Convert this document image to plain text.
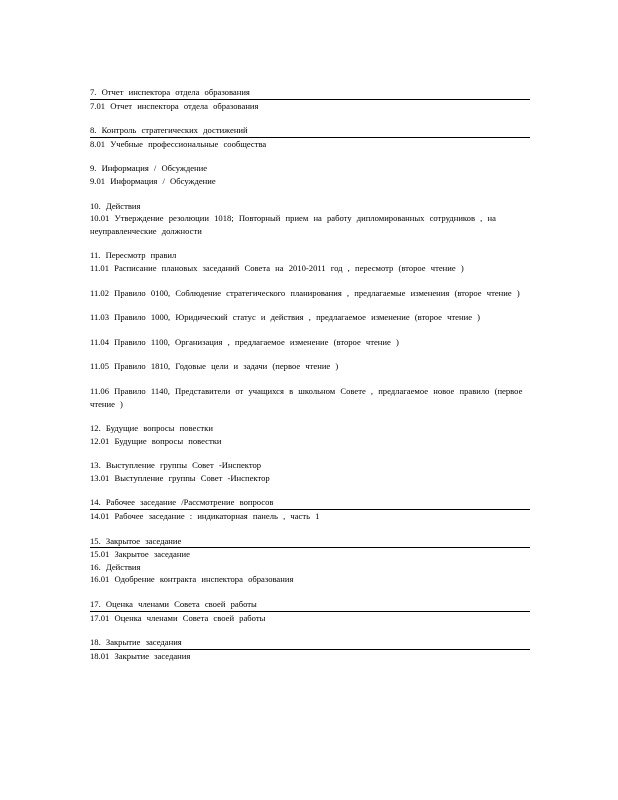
7. Отчет инспектора отдела образования
7.01 Отчет инспектора отдела образования
8. Контроль стратегических достижений
8.01 Учебные профессиональные сообщества
9. Информация / Обсуждение
9.01 Информация / Обсуждение
10. Действия
10.01 Утверждение резолюции 1018; Повторный прием на работу дипломированных сотрудников , на неуправленческие должности
11. Пересмотр правил
11.01 Расписание плановых заседаний Совета на 2010-2011 год , пересмотр (второе чтение )
11.02 Правило 0100, Соблюдение стратегического планирования , предлагаемые изменения (второе чтение )
11.03 Правило 1000, Юридический статус и действия , предлагаемое изменение (второе чтение )
11.04 Правило 1100, Организация , предлагаемое изменение (второе чтение )
11.05 Правило 1810, Годовые цели и задачи (первое чтение )
11.06 Правило 1140, Представители от учащихся в школьном Совете , предлагаемое новое правило (первое чтение )
12. Будущие вопросы повестки
12.01 Будущие вопросы повестки
13. Выступление группы Совет -Инспектор
13.01 Выступление группы Совет -Инспектор
14. Рабочее заседание /Рассмотрение вопросов
14.01 Рабочее заседание : индикаторная панель , часть 1
15. Закрытое заседание
15.01 Закрытое заседание
16. Действия
16.01 Одобрение контракта инспектора образования
17. Оценка членами Совета своей работы
17.01 Оценка членами Совета своей работы
18. Закрытие заседания
18.01 Закрытие заседания
